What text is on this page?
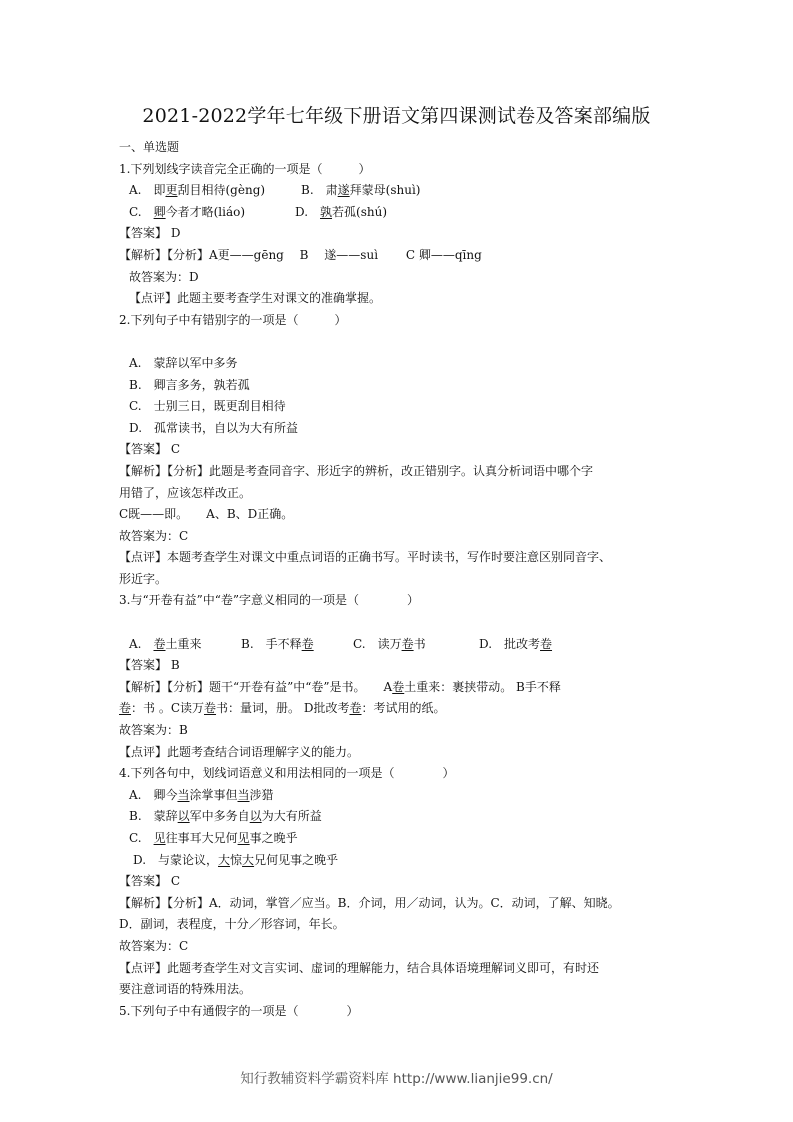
2021-2022学年七年级下册语文第四课测试卷及答案部编版
一、单选题
1.下列划线字读音完全正确的一项是（　　　）
A.　即更刮目相待(gèng)	B.　肃遂拜蒙母(shuì)
C.　卿今者才略(liáo)	D.　孰若孤(shú)
【答案】 D
【解析】【分析】A更——gēng　 B　 遂——suì　　 C 卿——qīng
故答案为：D
【点评】此题主要考查学生对课文的准确掌握。
2.下列句子中有错别字的一项是（　　　）
A.　蒙辞以军中多务
B.　卿言多务，孰若孤
C.　士别三日，既更刮目相待
D.　孤常读书，自以为大有所益
【答案】 C
【解析】【分析】此题是考查同音字、形近字的辨析，改正错别字。认真分析词语中哪个字
用错了，应该怎样改正。
C既——即。　　A、B、D正确。
故答案为：C
【点评】本题考查学生对课文中重点词语的正确书写。平时读书，写作时要注意区别同音字、
形近字。
3.与“开卷有益”中“卷”字意义相同的一项是（　　　　）
A.　卷土重来	B.　手不释卷	C.　读万卷书	D.　批改考卷
【答案】 B
【解析】【分析】题干“开卷有益”中“卷”是书。　　A卷土重来：裹挟带动。 B手不释
卷：书 。C读万卷书：量词，册。 D批改考卷：考试用的纸。
故答案为：B
【点评】此题考查结合词语理解字义的能力。
4.下列各句中，划线词语意义和用法相同的一项是（　　　　）
A.　卿今当涂掌事但当涉猎
B.　蒙辞以军中多务自以为大有所益
C.　见往事耳大兄何见事之晚乎
D.　与蒙论议，大惊大兄何见事之晚乎
【答案】 C
【解析】【分析】A．动词，掌管／应当。B．介词，用／动词，认为。C．动词，了解、知晓。
D．副词，表程度，十分／形容词，年长。
故答案为：C
【点评】此题考查学生对文言实词、虚词的理解能力，结合具体语境理解词义即可，有时还
要注意词语的特殊用法。
5.下列句子中有通假字的一项是（　　　　）
知行教辅资料学霸资料库 http://www.lianjie99.cn/
